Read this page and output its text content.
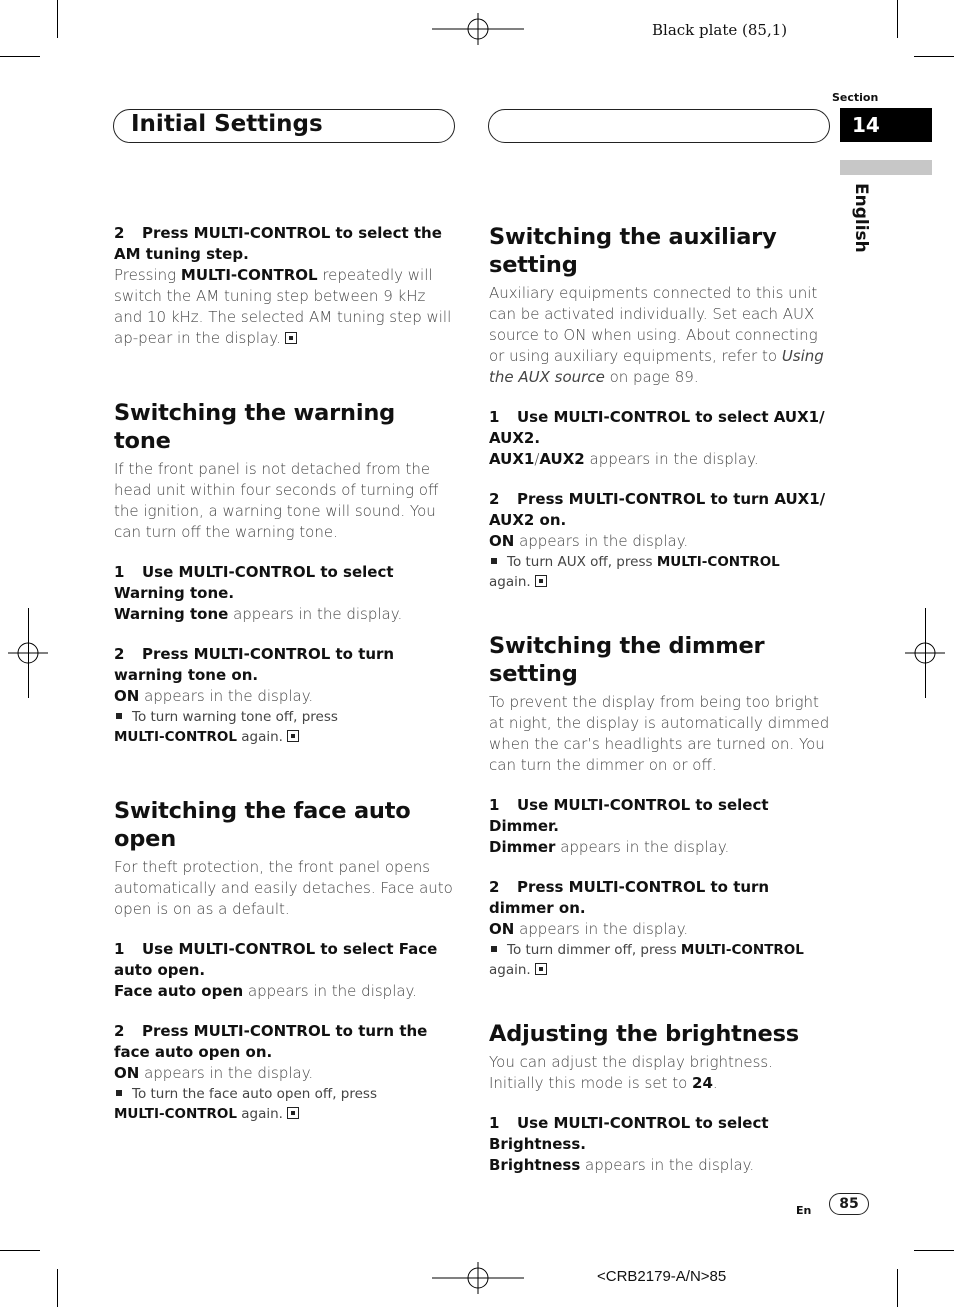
Black plate (85,1)
Initial Settings
Section
14
English
2 Press MULTI-CONTROL to select the AM tuning step.

Pressing MULTI-CONTROL repeatedly will switch the AM tuning step between 9 kHz and 10 kHz. The selected AM tuning step will ap-pear in the display.

Switching the warning tone

If the front panel is not detached from the head unit within four seconds of turning off the ignition, a warning tone will sound. You can turn off the warning tone.

1 Use MULTI-CONTROL to select Warning tone.

Warning tone appears in the display.

2 Press MULTI-CONTROL to turn warning tone on.

ON appears in the display.

To turn warning tone off, press
MULTI-CONTROL again.

Switching the face auto open

For theft protection, the front panel opens automatically and easily detaches. Face auto open is on as a default.

1 Use MULTI-CONTROL to select Face auto open.

Face auto open appears in the display.

2 Press MULTI-CONTROL to turn the face auto open on.

ON appears in the display.

To turn the face auto open off, press
MULTI-CONTROL again.

Switching the auxiliary setting

Auxiliary equipments connected to this unit can be activated individually. Set each AUX source to ON when using. About connecting or using auxiliary equipments, refer to Using the AUX source on page 89.

1 Use MULTI-CONTROL to select AUX1/ AUX2.

AUX1/AUX2 appears in the display.

2 Press MULTI-CONTROL to turn AUX1/ AUX2 on.

ON appears in the display.

To turn AUX off, press MULTI-CONTROL
again.

Switching the dimmer setting

To prevent the display from being too bright at night, the display is automatically dimmed when the car’s headlights are turned on. You can turn the dimmer on or off.

1 Use MULTI-CONTROL to select Dimmer.

Dimmer appears in the display.

2 Press MULTI-CONTROL to turn dimmer on.

ON appears in the display.

To turn dimmer off, press MULTI-CONTROL
again.

Adjusting the brightness

You can adjust the display brightness. Initially this mode is set to 24.

1 Use MULTI-CONTROL to select Brightness.

Brightness appears in the display.

En	85
<CRB2179-A/N>85
